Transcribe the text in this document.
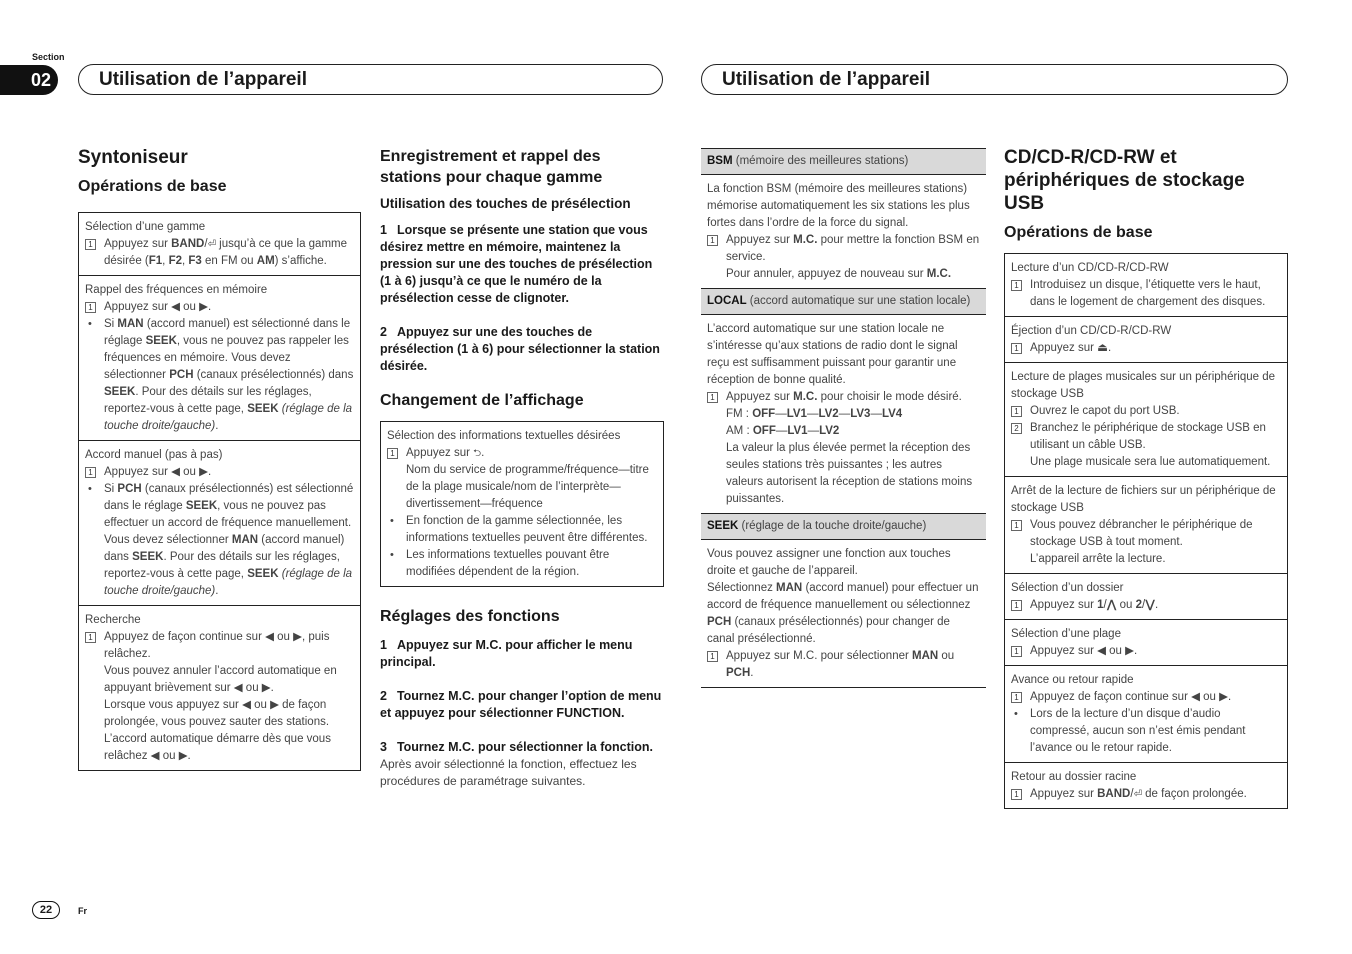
Section
02	Utilisation de l’appareil	Utilisation de l’appareil
Syntoniseur
Opérations de base
Sélection d’une gamme
1 Appuyez sur BAND/⏎ jusqu’à ce que la gamme désirée (F1, F2, F3 en FM ou AM) s’affiche.
Rappel des fréquences en mémoire
1 Appuyez sur ◀ ou ▶.
• Si MAN (accord manuel) est sélectionné dans le réglage SEEK, vous ne pouvez pas rappeler les fréquences en mémoire. Vous devez sélectionner PCH (canaux présélectionnés) dans SEEK. Pour des détails sur les réglages, reportez-vous à cette page, SEEK (réglage de la touche droite/gauche).
Accord manuel (pas à pas)
1 Appuyez sur ◀ ou ▶.
• Si PCH (canaux présélectionnés) est sélectionné dans le réglage SEEK, vous ne pouvez pas effectuer un accord de fréquence manuellement. Vous devez sélectionner MAN (accord manuel) dans SEEK. Pour des détails sur les réglages, reportez-vous à cette page, SEEK (réglage de la touche droite/gauche).
Recherche
1 Appuyez de façon continue sur ◀ ou ▶, puis relâchez.
Vous pouvez annuler l’accord automatique en appuyant brièvement sur ◀ ou ▶.
Lorsque vous appuyez sur ◀ ou ▶ de façon prolongée, vous pouvez sauter des stations.
L’accord automatique démarre dès que vous relâchez ◀ ou ▶.
Enregistrement et rappel des stations pour chaque gamme
Utilisation des touches de présélection
1 Lorsque se présente une station que vous désirez mettre en mémoire, maintenez la pression sur une des touches de présélection (1 à 6) jusqu’à ce que le numéro de la présélection cesse de clignoter.
2 Appuyez sur une des touches de présélection (1 à 6) pour sélectionner la station désirée.
Changement de l’affichage
Sélection des informations textuelles désirées
1 Appuyez sur ⮌.
Nom du service de programme/fréquence—titre de la plage musicale/nom de l’interprète—divertissement—fréquence
• En fonction de la gamme sélectionnée, les informations textuelles peuvent être différentes.
• Les informations textuelles pouvant être modifiées dépendent de la région.
Réglages des fonctions
1 Appuyez sur M.C. pour afficher le menu principal.
2 Tournez M.C. pour changer l’option de menu et appuyez pour sélectionner FUNCTION.
3 Tournez M.C. pour sélectionner la fonction.
Après avoir sélectionné la fonction, effectuez les procédures de paramétrage suivantes.
BSM (mémoire des meilleures stations)
La fonction BSM (mémoire des meilleures stations) mémorise automatiquement les six stations les plus fortes dans l’ordre de la force du signal.
1 Appuyez sur M.C. pour mettre la fonction BSM en service.
Pour annuler, appuyez de nouveau sur M.C.
LOCAL (accord automatique sur une station locale)
L’accord automatique sur une station locale ne s’intéresse qu’aux stations de radio dont le signal reçu est suffisamment puissant pour garantir une réception de bonne qualité.
1 Appuyez sur M.C. pour choisir le mode désiré.
FM : OFF—LV1—LV2—LV3—LV4
AM : OFF—LV1—LV2
La valeur la plus élevée permet la réception des seules stations très puissantes ; les autres valeurs autorisent la réception de stations moins puissantes.
SEEK (réglage de la touche droite/gauche)
Vous pouvez assigner une fonction aux touches droite et gauche de l’appareil.
Sélectionnez MAN (accord manuel) pour effectuer un accord de fréquence manuellement ou sélectionnez PCH (canaux présélectionnés) pour changer de canal présélectionné.
1 Appuyez sur M.C. pour sélectionner MAN ou PCH.
CD/CD-R/CD-RW et périphériques de stockage USB
Opérations de base
Lecture d’un CD/CD-R/CD-RW
1 Introduisez un disque, l’étiquette vers le haut, dans le logement de chargement des disques.
Éjection d’un CD/CD-R/CD-RW
1 Appuyez sur ⏏.
Lecture de plages musicales sur un périphérique de stockage USB
1 Ouvrez le capot du port USB.
2 Branchez le périphérique de stockage USB en utilisant un câble USB.
Une plage musicale sera lue automatiquement.
Arrêt de la lecture de fichiers sur un périphérique de stockage USB
1 Vous pouvez débrancher le périphérique de stockage USB à tout moment.
L’appareil arrête la lecture.
Sélection d’un dossier
1 Appuyez sur 1/⋀ ou 2/⋁.
Sélection d’une plage
1 Appuyez sur ◀ ou ▶.
Avance ou retour rapide
1 Appuyez de façon continue sur ◀ ou ▶.
• Lors de la lecture d’un disque d’audio compressé, aucun son n’est émis pendant l’avance ou le retour rapide.
Retour au dossier racine
1 Appuyez sur BAND/⏎ de façon prolongée.
22	Fr
